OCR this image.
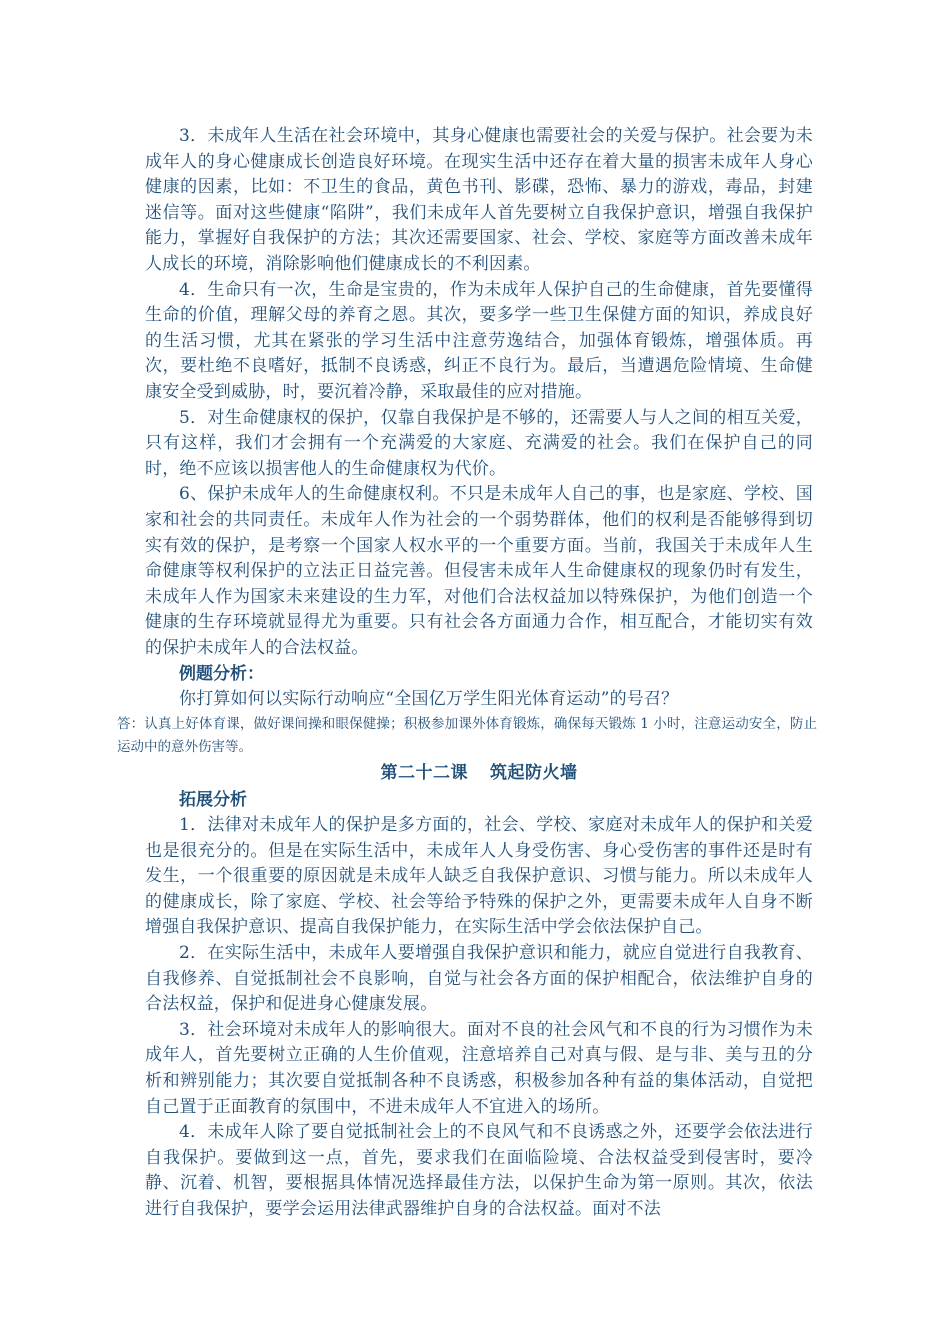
3．未成年人生活在社会环境中，其身心健康也需要社会的关爱与保护。社会要为未成年人的身心健康成长创造良好环境。在现实生活中还存在着大量的损害未成年人身心健康的因素，比如：不卫生的食品，黄色书刊、影碟，恐怖、暴力的游戏，毒品，封建迷信等。面对这些健康“陷阱”，我们未成年人首先要树立自我保护意识，增强自我保护能力，掌握好自我保护的方法；其次还需要国家、社会、学校、家庭等方面改善未成年人成长的环境，消除影响他们健康成长的不利因素。

4．生命只有一次，生命是宝贵的，作为未成年人保护自己的生命健康，首先要懂得生命的价值，理解父母的养育之恩。其次，要多学一些卫生保健方面的知识，养成良好的生活习惯，尤其在紧张的学习生活中注意劳逸结合，加强体育锻炼，增强体质。再次，要杜绝不良嗜好，抵制不良诱惑，纠正不良行为。最后，当遭遇危险情境、生命健康安全受到威胁，时，要沉着冷静，采取最佳的应对措施。

5．对生命健康权的保护，仅靠自我保护是不够的，还需要人与人之间的相互关爱，只有这样，我们才会拥有一个充满爱的大家庭、充满爱的社会。我们在保护自己的同时，绝不应该以损害他人的生命健康权为代价。

6、保护未成年人的生命健康权利。不只是未成年人自己的事，也是家庭、学校、国家和社会的共同责任。未成年人作为社会的一个弱势群体，他们的权利是否能够得到切实有效的保护，是考察一个国家人权水平的一个重要方面。当前，我国关于未成年人生命健康等权利保护的立法正日益完善。但侵害未成年人生命健康权的现象仍时有发生，未成年人作为国家未来建设的生力军，对他们合法权益加以特殊保护，为他们创造一个健康的生存环境就显得尤为重要。只有社会各方面通力合作，相互配合，才能切实有效的保护未成年人的合法权益。

例题分析：

你打算如何以实际行动响应“全国亿万学生阳光体育运动”的号召？

答：认真上好体育课，做好课间操和眼保健操；积极参加课外体育锻炼，确保每天锻炼 1 小时，注意运动安全，防止运动中的意外伤害等。

第二十二课 筑起防火墙

拓展分析

1．法律对未成年人的保护是多方面的，社会、学校、家庭对未成年人的保护和关爱也是很充分的。但是在实际生活中，未成年人人身受伤害、身心受伤害的事件还是时有发生，一个很重要的原因就是未成年人缺乏自我保护意识、习惯与能力。所以未成年人的健康成长，除了家庭、学校、社会等给予特殊的保护之外，更需要未成年人自身不断增强自我保护意识、提高自我保护能力，在实际生活中学会依法保护自己。

2．在实际生活中，未成年人要增强自我保护意识和能力，就应自觉进行自我教育、自我修养、自觉抵制社会不良影响，自觉与社会各方面的保护相配合，依法维护自身的合法权益，保护和促进身心健康发展。

3．社会环境对未成年人的影响很大。面对不良的社会风气和不良的行为习惯作为未成年人，首先要树立正确的人生价值观，注意培养自己对真与假、是与非、美与丑的分析和辨别能力；其次要自觉抵制各种不良诱惑，积极参加各种有益的集体活动，自觉把自己置于正面教育的氛围中，不进未成年人不宜进入的场所。

4．未成年人除了要自觉抵制社会上的不良风气和不良诱惑之外，还要学会依法进行自我保护。要做到这一点，首先，要求我们在面临险境、合法权益受到侵害时，要冷静、沉着、机智，要根据具体情况选择最佳方法，以保护生命为第一原则。其次，依法进行自我保护，要学会运用法律武器维护自身的合法权益。面对不法
